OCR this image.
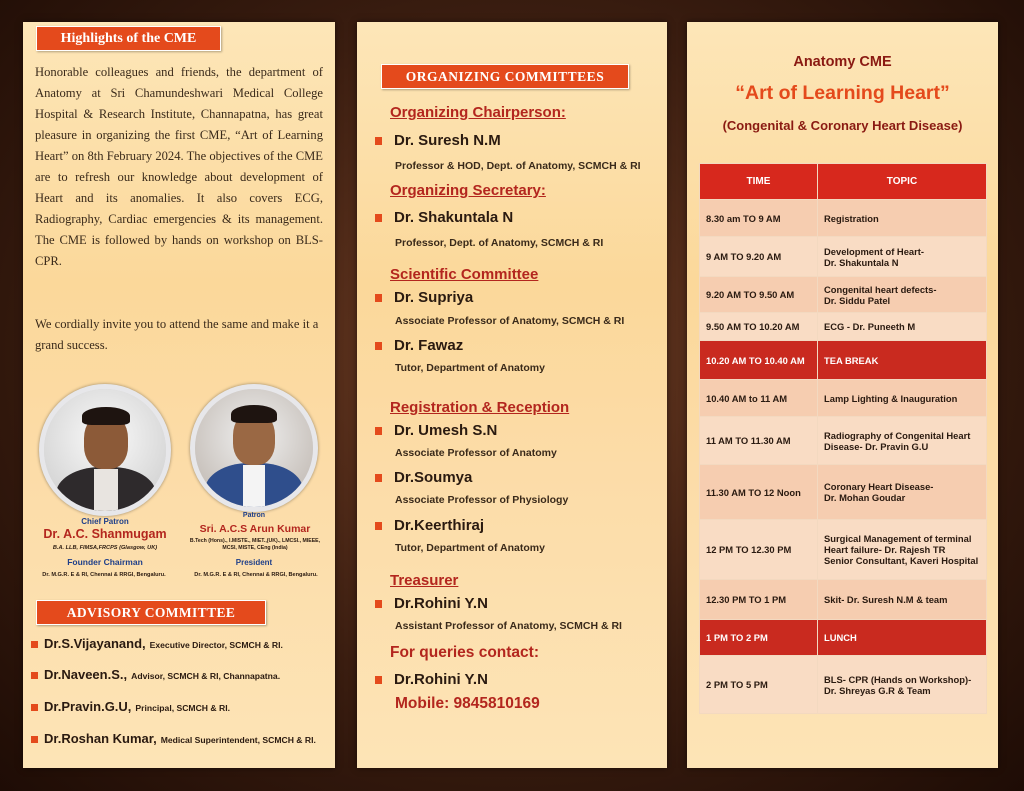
Highlights of the CME
Honorable colleagues and friends, the department of Anatomy at Sri Chamundeshwari Medical College Hospital & Research Institute, Channapatna, has great pleasure in organizing the first CME, “Art of Learning Heart” on 8th February 2024. The objectives of the CME are to refresh our knowledge about development of Heart and its anomalies. It also covers ECG, Radiography, Cardiac emergencies & its management. The CME is followed by hands on workshop on BLS- CPR.
We cordially invite you to attend the same and make it a grand success.
Chief Patron
Dr. A.C. Shanmugam
B.A. LLB, FIMSA,FRCPS (Glasgow, UK)
Founder Chairman
Dr. M.G.R. E & RI, Chennai & RRGI, Bengaluru.
Patron
Sri. A.C.S Arun Kumar
B.Tech (Hons)., I.MISTE., MIET.,(UK)., LMCSI., MIEEE, MCSI, MISTE, CEng (India)
President
Dr. M.G.R. E & RI, Chennai & RRGI, Bengaluru.
ADVISORY COMMITTEE
Dr.S.Vijayanand, Executive Director, SCMCH & RI.
Dr.Naveen.S., Advisor, SCMCH & RI, Channapatna.
Dr.Pravin.G.U, Principal, SCMCH & RI.
Dr.Roshan Kumar, Medical Superintendent, SCMCH & RI.
ORGANIZING COMMITTEES
Organizing Chairperson:
Dr. Suresh N.M
Professor & HOD, Dept. of Anatomy, SCMCH & RI
Organizing Secretary:
Dr. Shakuntala N
Professor, Dept. of Anatomy, SCMCH & RI
Scientific Committee
Dr. Supriya
Associate Professor of Anatomy, SCMCH & RI
Dr. Fawaz
Tutor, Department of Anatomy
Registration & Reception
Dr. Umesh S.N
Associate Professor of Anatomy
Dr.Soumya
Associate Professor of Physiology
Dr.Keerthiraj
Tutor, Department of Anatomy
Treasurer
Dr.Rohini Y.N
Assistant Professor of Anatomy, SCMCH & RI
For queries contact:
Dr.Rohini Y.N
Mobile: 9845810169
Anatomy CME
“Art of Learning Heart”
(Congenital & Coronary Heart Disease)
TIME	TOPIC
8.30 am TO 9 AM	Registration

9 AM TO 9.20 AM	Development of Heart-
Dr. Shakuntala N

9.20 AM TO 9.50 AM	Congenital heart defects-
Dr. Siddu Patel

9.50 AM TO 10.20 AM	ECG - Dr. Puneeth M

10.20 AM TO 10.40 AM	TEA BREAK

10.40 AM to 11 AM	Lamp Lighting & Inauguration

11 AM TO 11.30 AM	Radiography of Congenital Heart
Disease- Dr. Pravin G.U

11.30 AM TO 12 Noon	Coronary Heart Disease-
Dr. Mohan Goudar

12 PM TO 12.30 PM	Surgical Management of terminal
Heart failure- Dr. Rajesh TR
Senior Consultant, Kaveri Hospital

12.30 PM TO 1 PM	Skit- Dr. Suresh N.M & team

1 PM TO 2 PM	LUNCH

2 PM TO 5 PM	BLS- CPR (Hands on Workshop)-
Dr. Shreyas G.R & Team
